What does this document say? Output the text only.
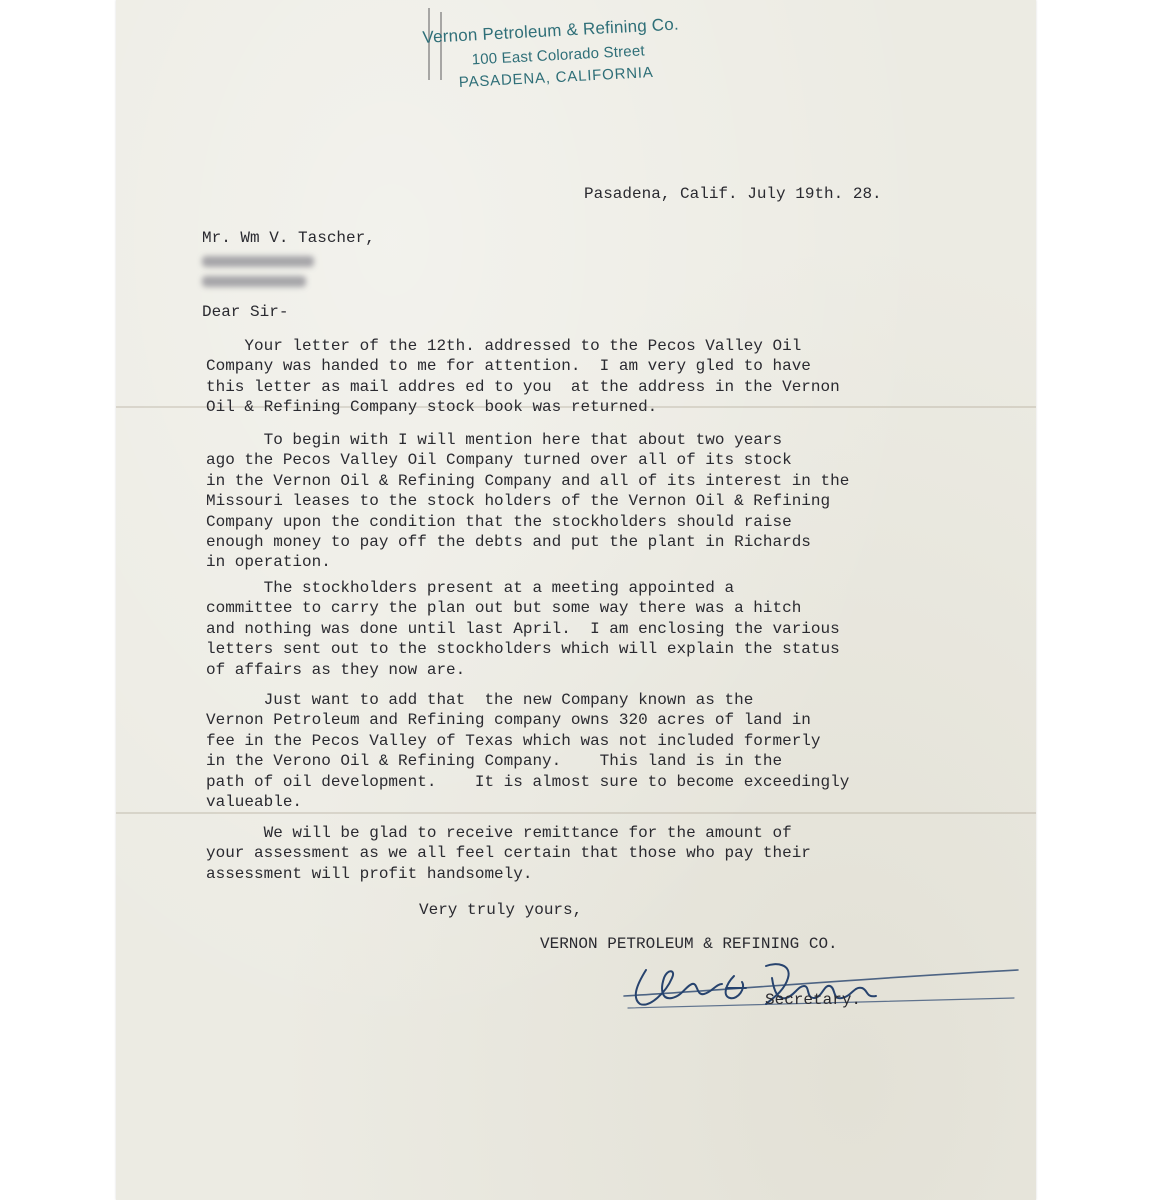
Vernon Petroleum & Refining Co.
100 East Colorado Street
PASADENA, CALIFORNIA
Pasadena, Calif. July 19th. 28.
Mr. Wm V. Tascher,
Dear Sir-
Your letter of the 12th. addressed to the Pecos Valley Oil
Company was handed to me for attention.  I am very gled to have
this letter as mail addres ed to you  at the address in the Vernon
Oil & Refining Company stock book was returned.
To begin with I will mention here that about two years
ago the Pecos Valley Oil Company turned over all of its stock
in the Vernon Oil & Refining Company and all of its interest in the
Missouri leases to the stock holders of the Vernon Oil & Refining
Company upon the condition that the stockholders should raise
enough money to pay off the debts and put the plant in Richards
in operation.
The stockholders present at a meeting appointed a
committee to carry the plan out but some way there was a hitch
and nothing was done until last April.  I am enclosing the various
letters sent out to the stockholders which will explain the status
of affairs as they now are.
Just want to add that  the new Company known as the
Vernon Petroleum and Refining company owns 320 acres of land in
fee in the Pecos Valley of Texas which was not included formerly
in the Verono Oil & Refining Company.    This land is in the
path of oil development.    It is almost sure to become exceedingly
valueable.
We will be glad to receive remittance for the amount of
your assessment as we all feel certain that those who pay their
assessment will profit handsomely.
Very truly yours,
VERNON PETROLEUM & REFINING CO.
Secretary.
